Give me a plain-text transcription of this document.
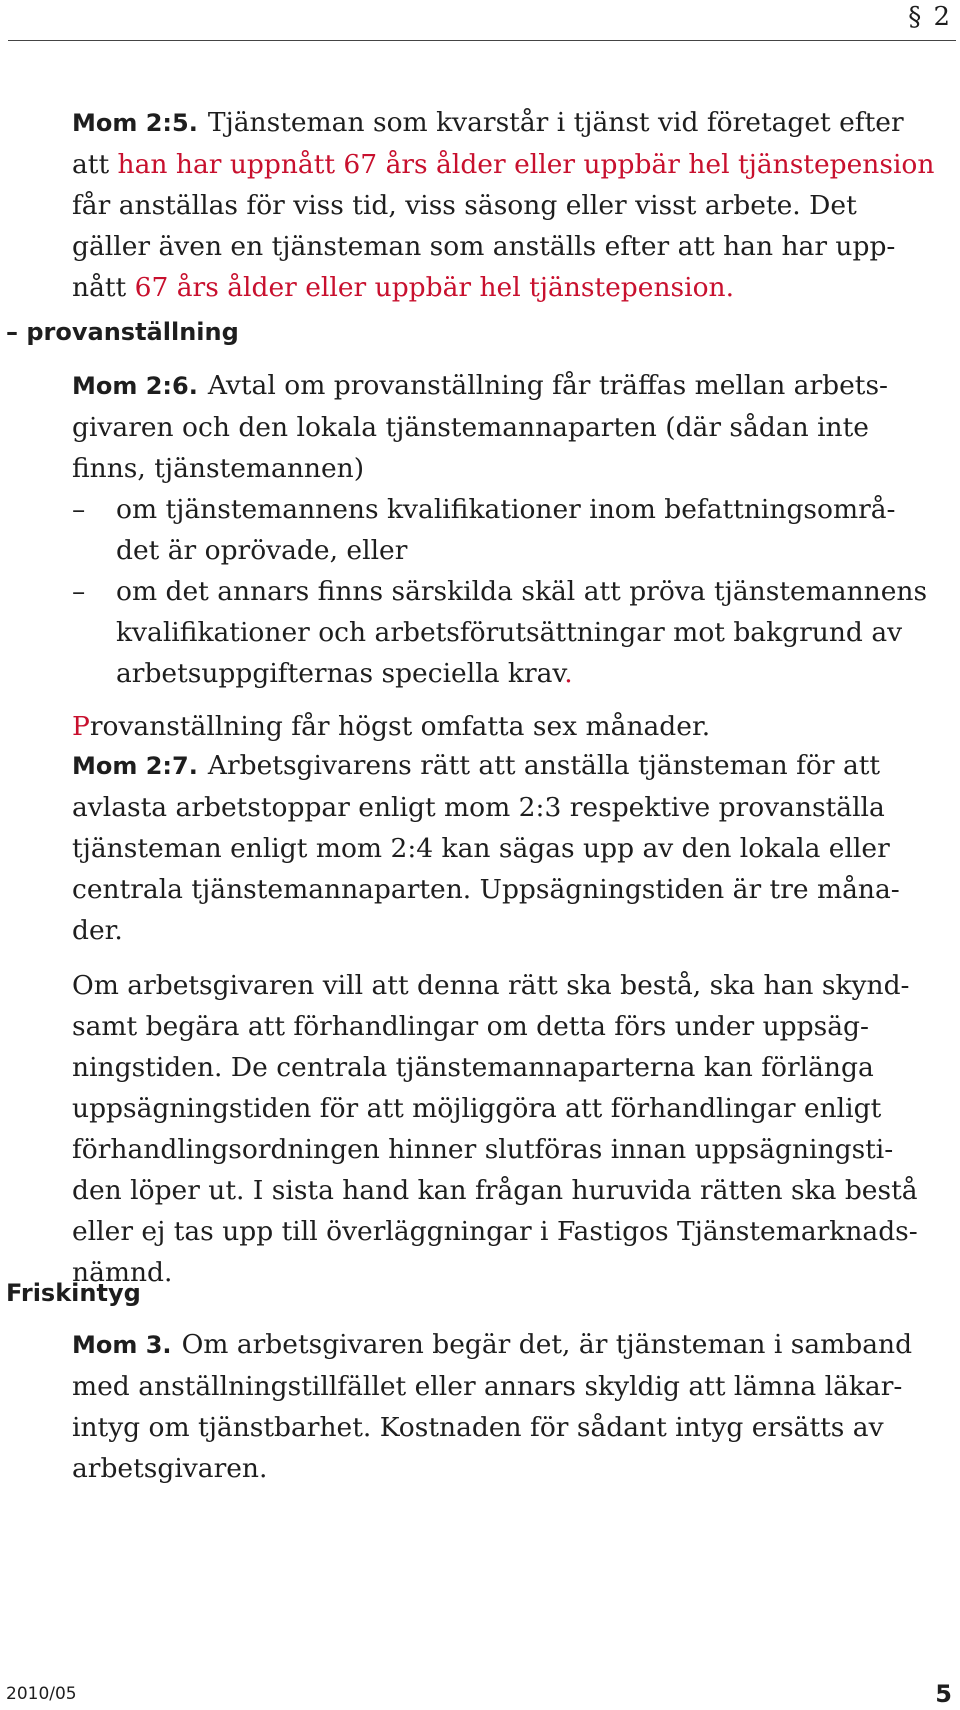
§ 2

Mom 2:5. Tjänsteman som kvarstår i tjänst vid företaget efter

att han har uppnått 67 års ålder eller uppbär hel tjänstepension

får anställas för viss tid, viss säsong eller visst arbete. Det

gäller även en tjänsteman som anställs efter att han har upp-

nått 67 års ålder eller uppbär hel tjänstepension.

– provanställning

Mom 2:6. Avtal om provanställning får träffas mellan arbets-

givaren och den lokala tjänstemannaparten (där sådan inte

finns, tjänstemannen)

– om tjänstemannens kvalifikationer inom befattningsområ-

det är oprövade, eller

– om det annars finns särskilda skäl att pröva tjänstemannens

kvalifikationer och arbetsförutsättningar mot bakgrund av

arbetsuppgifternas speciella krav.

Provanställning får högst omfatta sex månader.

Mom 2:7. Arbetsgivarens rätt att anställa tjänsteman för att

avlasta arbetstoppar enligt mom 2:3 respektive provanställa

tjänsteman enligt mom 2:4 kan sägas upp av den lokala eller

centrala tjänstemannaparten. Uppsägningstiden är tre måna-

der.

Om arbetsgivaren vill att denna rätt ska bestå, ska han skynd-

samt begära att förhandlingar om detta förs under uppsäg-

ningstiden. De centrala tjänstemannaparterna kan förlänga

uppsägningstiden för att möjliggöra att förhandlingar enligt

förhandlingsordningen hinner slutföras innan uppsägningsti-

den löper ut. I sista hand kan frågan huruvida rätten ska bestå

eller ej tas upp till överläggningar i Fastigos Tjänstemarknads-

nämnd.

Friskintyg

Mom 3. Om arbetsgivaren begär det, är tjänsteman i samband

med anställningstillfället eller annars skyldig att lämna läkar-

intyg om tjänstbarhet. Kostnaden för sådant intyg ersätts av

arbetsgivaren.

2010/05	5
